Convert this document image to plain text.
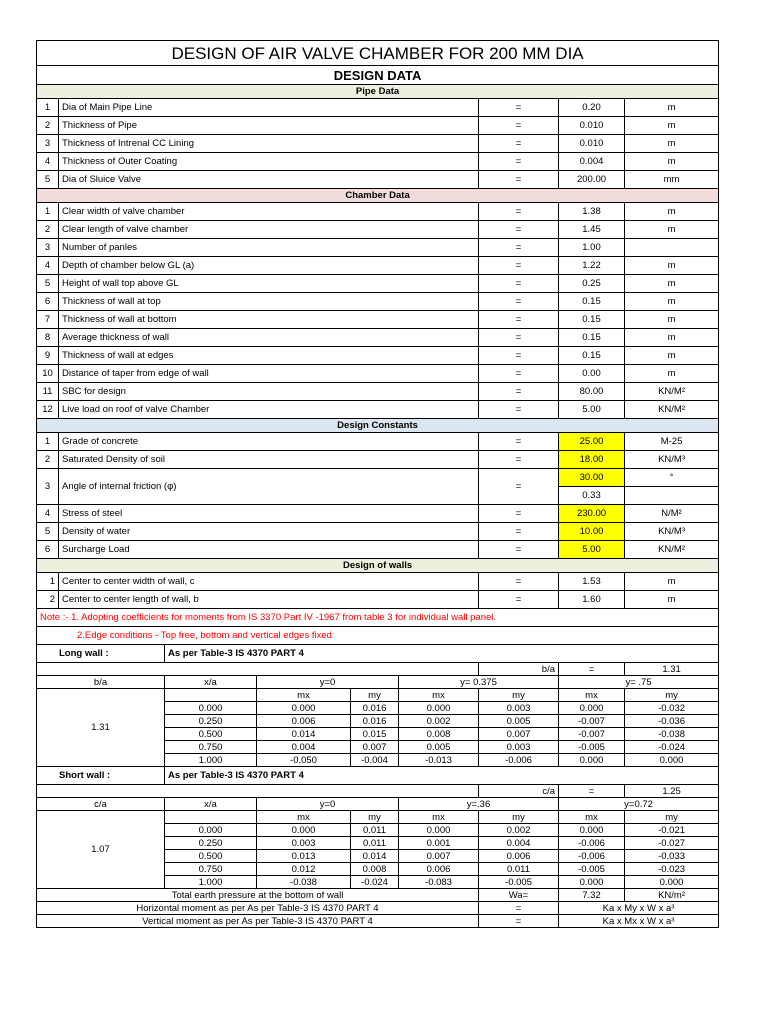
DESIGN OF AIR VALVE CHAMBER FOR 200 MM DIA									
DESIGN DATA									
Pipe Data									
1	Dia of Main Pipe Line					=	0.20	m	
2	Thickness of Pipe					=	0.010	m	
3	Thickness of Intrenal CC Lining					=	0.010	m	
4	Thickness of Outer Coating					=	0.004	m	
5	Dia of Sluice Valve					=	200.00	mm	
Chamber Data									
1	Clear width of valve chamber					=	1.38	m	
2	Clear length of valve chamber					=	1.45	m	
3	Number of panles					=	1.00		
4	Depth of chamber below GL (a)					=	1.22	m	
5	Height of wall top above GL					=	0.25	m	
6	Thickness of wall at top					=	0.15	m	
7	Thickness of wall at bottom					=	0.15	m	
8	Average thickness of wall					=	0.15	m	
9	Thickness of wall at edges					=	0.15	m	
10	Distance of taper from edge of wall					=	0.00	m	
11	SBC for design					=	80.00	KN/M²	
12	Live load on roof of valve Chamber					=	5.00	KN/M²	
Design Constants									
1	Grade of concrete					=	25.00	M-25	
2	Saturated Density of soil					=	18.00	KN/M³	
3	Angle of internal friction (φ)					=	30.00	°	
							0.33		
4	Stress of steel					=	230.00	N/M²	
5	Density of water					=	10.00	KN/M³	
6	Surcharge Load					=	5.00	KN/M²	
Design of walls									
1	Center to center width of wall, c					=	1.53	m	
2	Center to center length of wall, b					=	1.60	m	
Note :- 1. Adopting coefficients for moments from IS 3370 Part IV -1967 from table 3 for individual wall panel.									
2.Edge conditions - Top free, bottom and vertical edges fixed									
Long wall :		As per Table-3 IS 4370 PART 4							
						b/a	=	1.31	
b/a		x/a	y=0		y= 0.375		y= .75		
1.31			mx	my	mx	my	mx	my	
		0.000	0.000	0.016	0.000	0.003	0.000	-0.032	
		0.250	0.006	0.016	0.002	0.005	-0.007	-0.036	
		0.500	0.014	0.015	0.008	0.007	-0.007	-0.038	
		0.750	0.004	0.007	0.005	0.003	-0.005	-0.024	
		1.000	-0.050	-0.004	-0.013	-0.006	0.000	0.000	
Short wall :		As per Table-3 IS 4370 PART 4							
						c/a	=	1.25	
c/a		x/a	y=0		y=.36		y=0.72		
1.07			mx	my	mx	my	mx	my	
		0.000	0.000	0.011	0.000	0.002	0.000	-0.021	
		0.250	0.003	0.011	0.001	0.004	-0.006	-0.027	
		0.500	0.013	0.014	0.007	0.006	-0.006	-0.033	
		0.750	0.012	0.008	0.006	0.011	-0.005	-0.023	
		1.000	-0.038	-0.024	-0.083	-0.005	0.000	0.000	
Total earth pressure at the bottom of wall						Wa=	7.32	KN/m²	
Horizontal moment as per As per Table-3 IS 4370 PART 4						=	Ka x My x W x a³		
Vertical moment as per As per Table-3 IS 4370 PART 4						=	Ka x Mx x W x a³		
